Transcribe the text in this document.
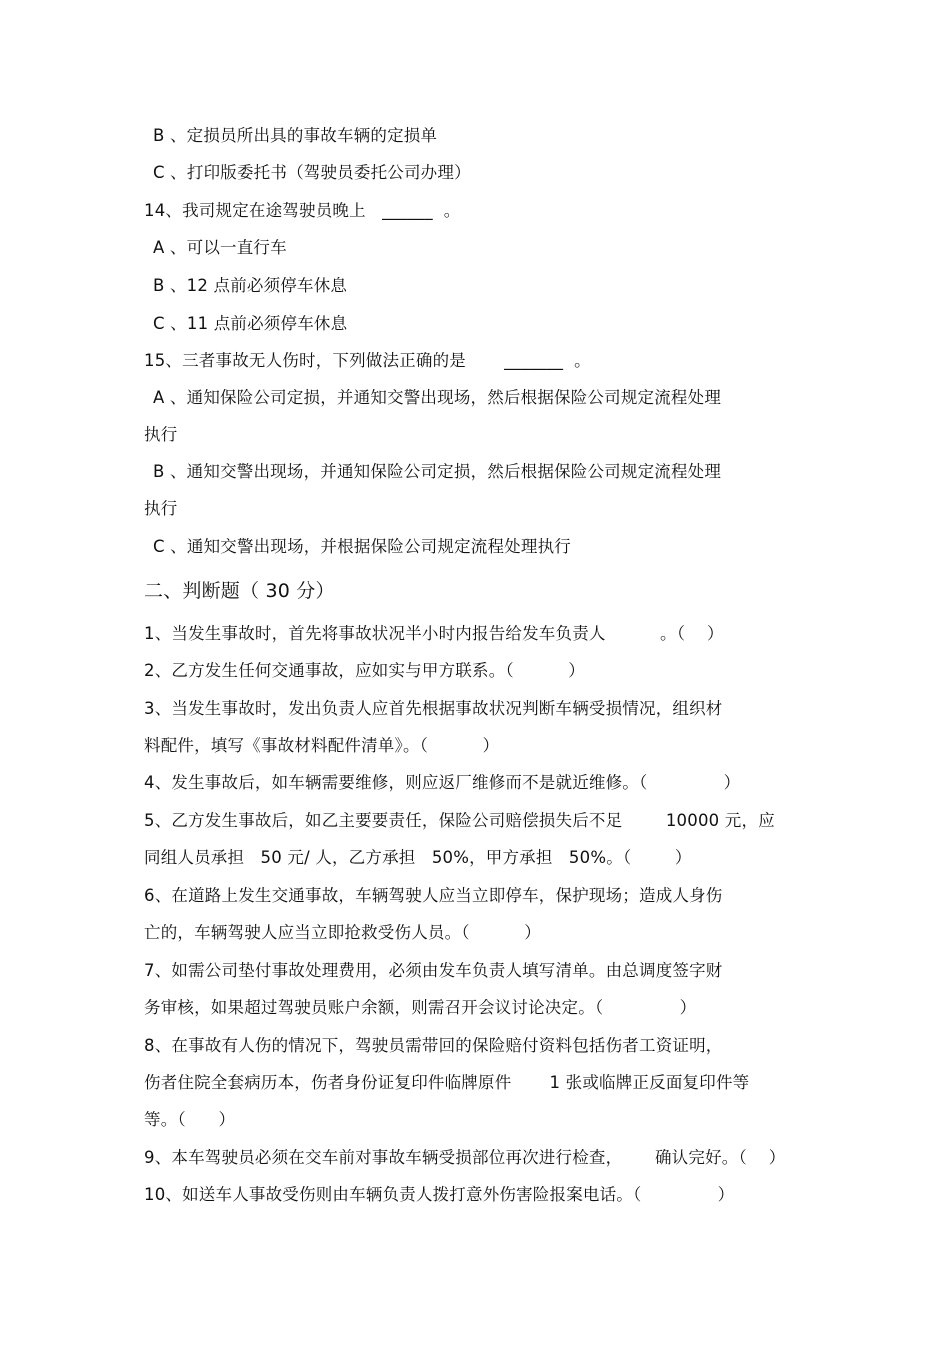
B 、定损员所出具的事故车辆的定损单
C 、打印版委托书（驾驶员委托公司办理）
14、我司规定在途驾驶员晚上   ______  。
A 、可以一直行车
B 、12 点前必须停车休息
C 、11 点前必须停车休息
15、三者事故无人伤时，下列做法正确的是       _______  。
A 、通知保险公司定损，并通知交警出现场，然后根据保险公司规定流程处理
执行
B 、通知交警出现场，并通知保险公司定损，然后根据保险公司规定流程处理
执行
C 、通知交警出现场，并根据保险公司规定流程处理执行
二、判断题（ 30 分）
1、当发生事故时，首先将事故状况半小时内报告给发车负责人          。（    ）
2、乙方发生任何交通事故，应如实与甲方联系。（          ）
3、当发生事故时，发出负责人应首先根据事故状况判断车辆受损情况，组织材
料配件，填写《事故材料配件清单》。（          ）
4、发生事故后，如车辆需要维修，则应返厂维修而不是就近维修。（              ）
5、乙方发生事故后，如乙主要要责任，保险公司赔偿损失后不足        10000 元，应
同组人员承担   50 元/ 人，乙方承担   50%，甲方承担   50%。（        ）
6、在道路上发生交通事故，车辆驾驶人应当立即停车，保护现场；造成人身伤
亡的，车辆驾驶人应当立即抢救受伤人员。（          ）
7、如需公司垫付事故处理费用，必须由发车负责人填写清单。由总调度签字财
务审核，如果超过驾驶员账户余额，则需召开会议讨论决定。（              ）
8、在事故有人伤的情况下，驾驶员需带回的保险赔付资料包括伤者工资证明，
伤者住院全套病历本，伤者身份证复印件临牌原件       1 张或临牌正反面复印件等
等。（      ）
9、本车驾驶员必须在交车前对事故车辆受损部位再次进行检查，      确认完好。（    ）
10、如送车人事故受伤则由车辆负责人拨打意外伤害险报案电话。（              ）
